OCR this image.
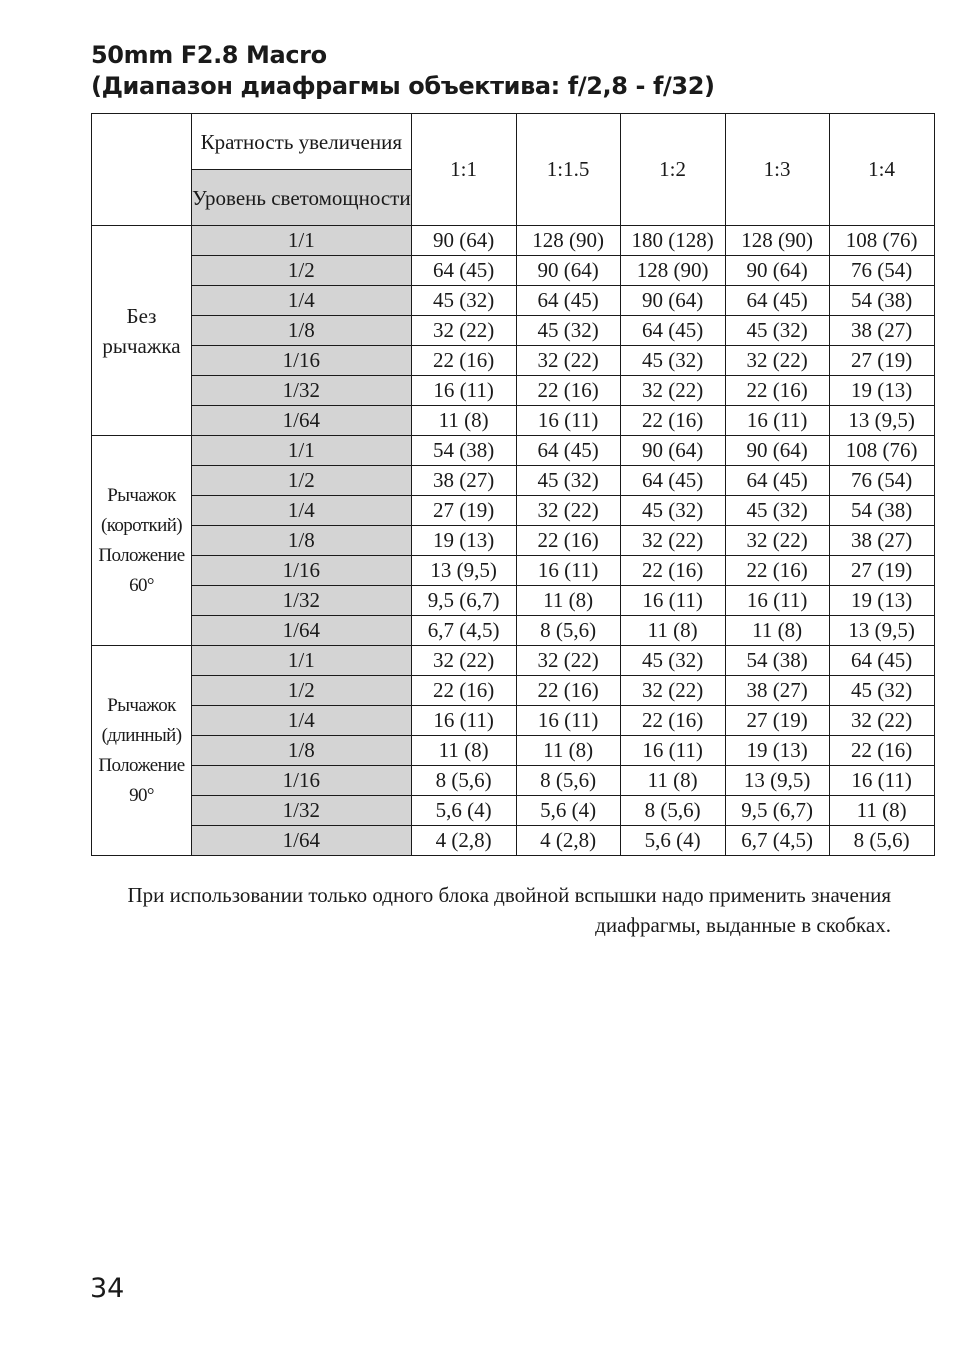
50mm F2.8 Macro
(Диапазон диафрагмы объектива: f/2,8 - f/32)
	Кратность увеличения	1:1	1:1.5	1:2	1:3	1:4
	Уровень светомощности					
Без рычажка	1/1	90 (64)	128 (90)	180 (128)	128 (90)	108 (76)
	1/2	64 (45)	90 (64)	128 (90)	90 (64)	76 (54)
	1/4	45 (32)	64 (45)	90 (64)	64 (45)	54 (38)
	1/8	32 (22)	45 (32)	64 (45)	45 (32)	38 (27)
	1/16	22 (16)	32 (22)	45 (32)	32 (22)	27 (19)
	1/32	16 (11)	22 (16)	32 (22)	22 (16)	19 (13)
	1/64	11 (8)	16 (11)	22 (16)	16 (11)	13 (9,5)
Рычажок (короткий) Положение 60°	1/1	54 (38)	64 (45)	90 (64)	90 (64)	108 (76)
	1/2	38 (27)	45 (32)	64 (45)	64 (45)	76 (54)
	1/4	27 (19)	32 (22)	45 (32)	45 (32)	54 (38)
	1/8	19 (13)	22 (16)	32 (22)	32 (22)	38 (27)
	1/16	13 (9,5)	16 (11)	22 (16)	22 (16)	27 (19)
	1/32	9,5 (6,7)	11 (8)	16 (11)	16 (11)	19 (13)
	1/64	6,7 (4,5)	8 (5,6)	11 (8)	11 (8)	13 (9,5)
Рычажок (длинный) Положение 90°	1/1	32 (22)	32 (22)	45 (32)	54 (38)	64 (45)
	1/2	22 (16)	22 (16)	32 (22)	38 (27)	45 (32)
	1/4	16 (11)	16 (11)	22 (16)	27 (19)	32 (22)
	1/8	11 (8)	11 (8)	16 (11)	19 (13)	22 (16)
	1/16	8 (5,6)	8 (5,6)	11 (8)	13 (9,5)	16 (11)
	1/32	5,6 (4)	5,6 (4)	8 (5,6)	9,5 (6,7)	11 (8)
	1/64	4 (2,8)	4 (2,8)	5,6 (4)	6,7 (4,5)	8 (5,6)
При использовании только одного блока двойной вспышки надо применить значения диафрагмы, выданные в скобках.
34
